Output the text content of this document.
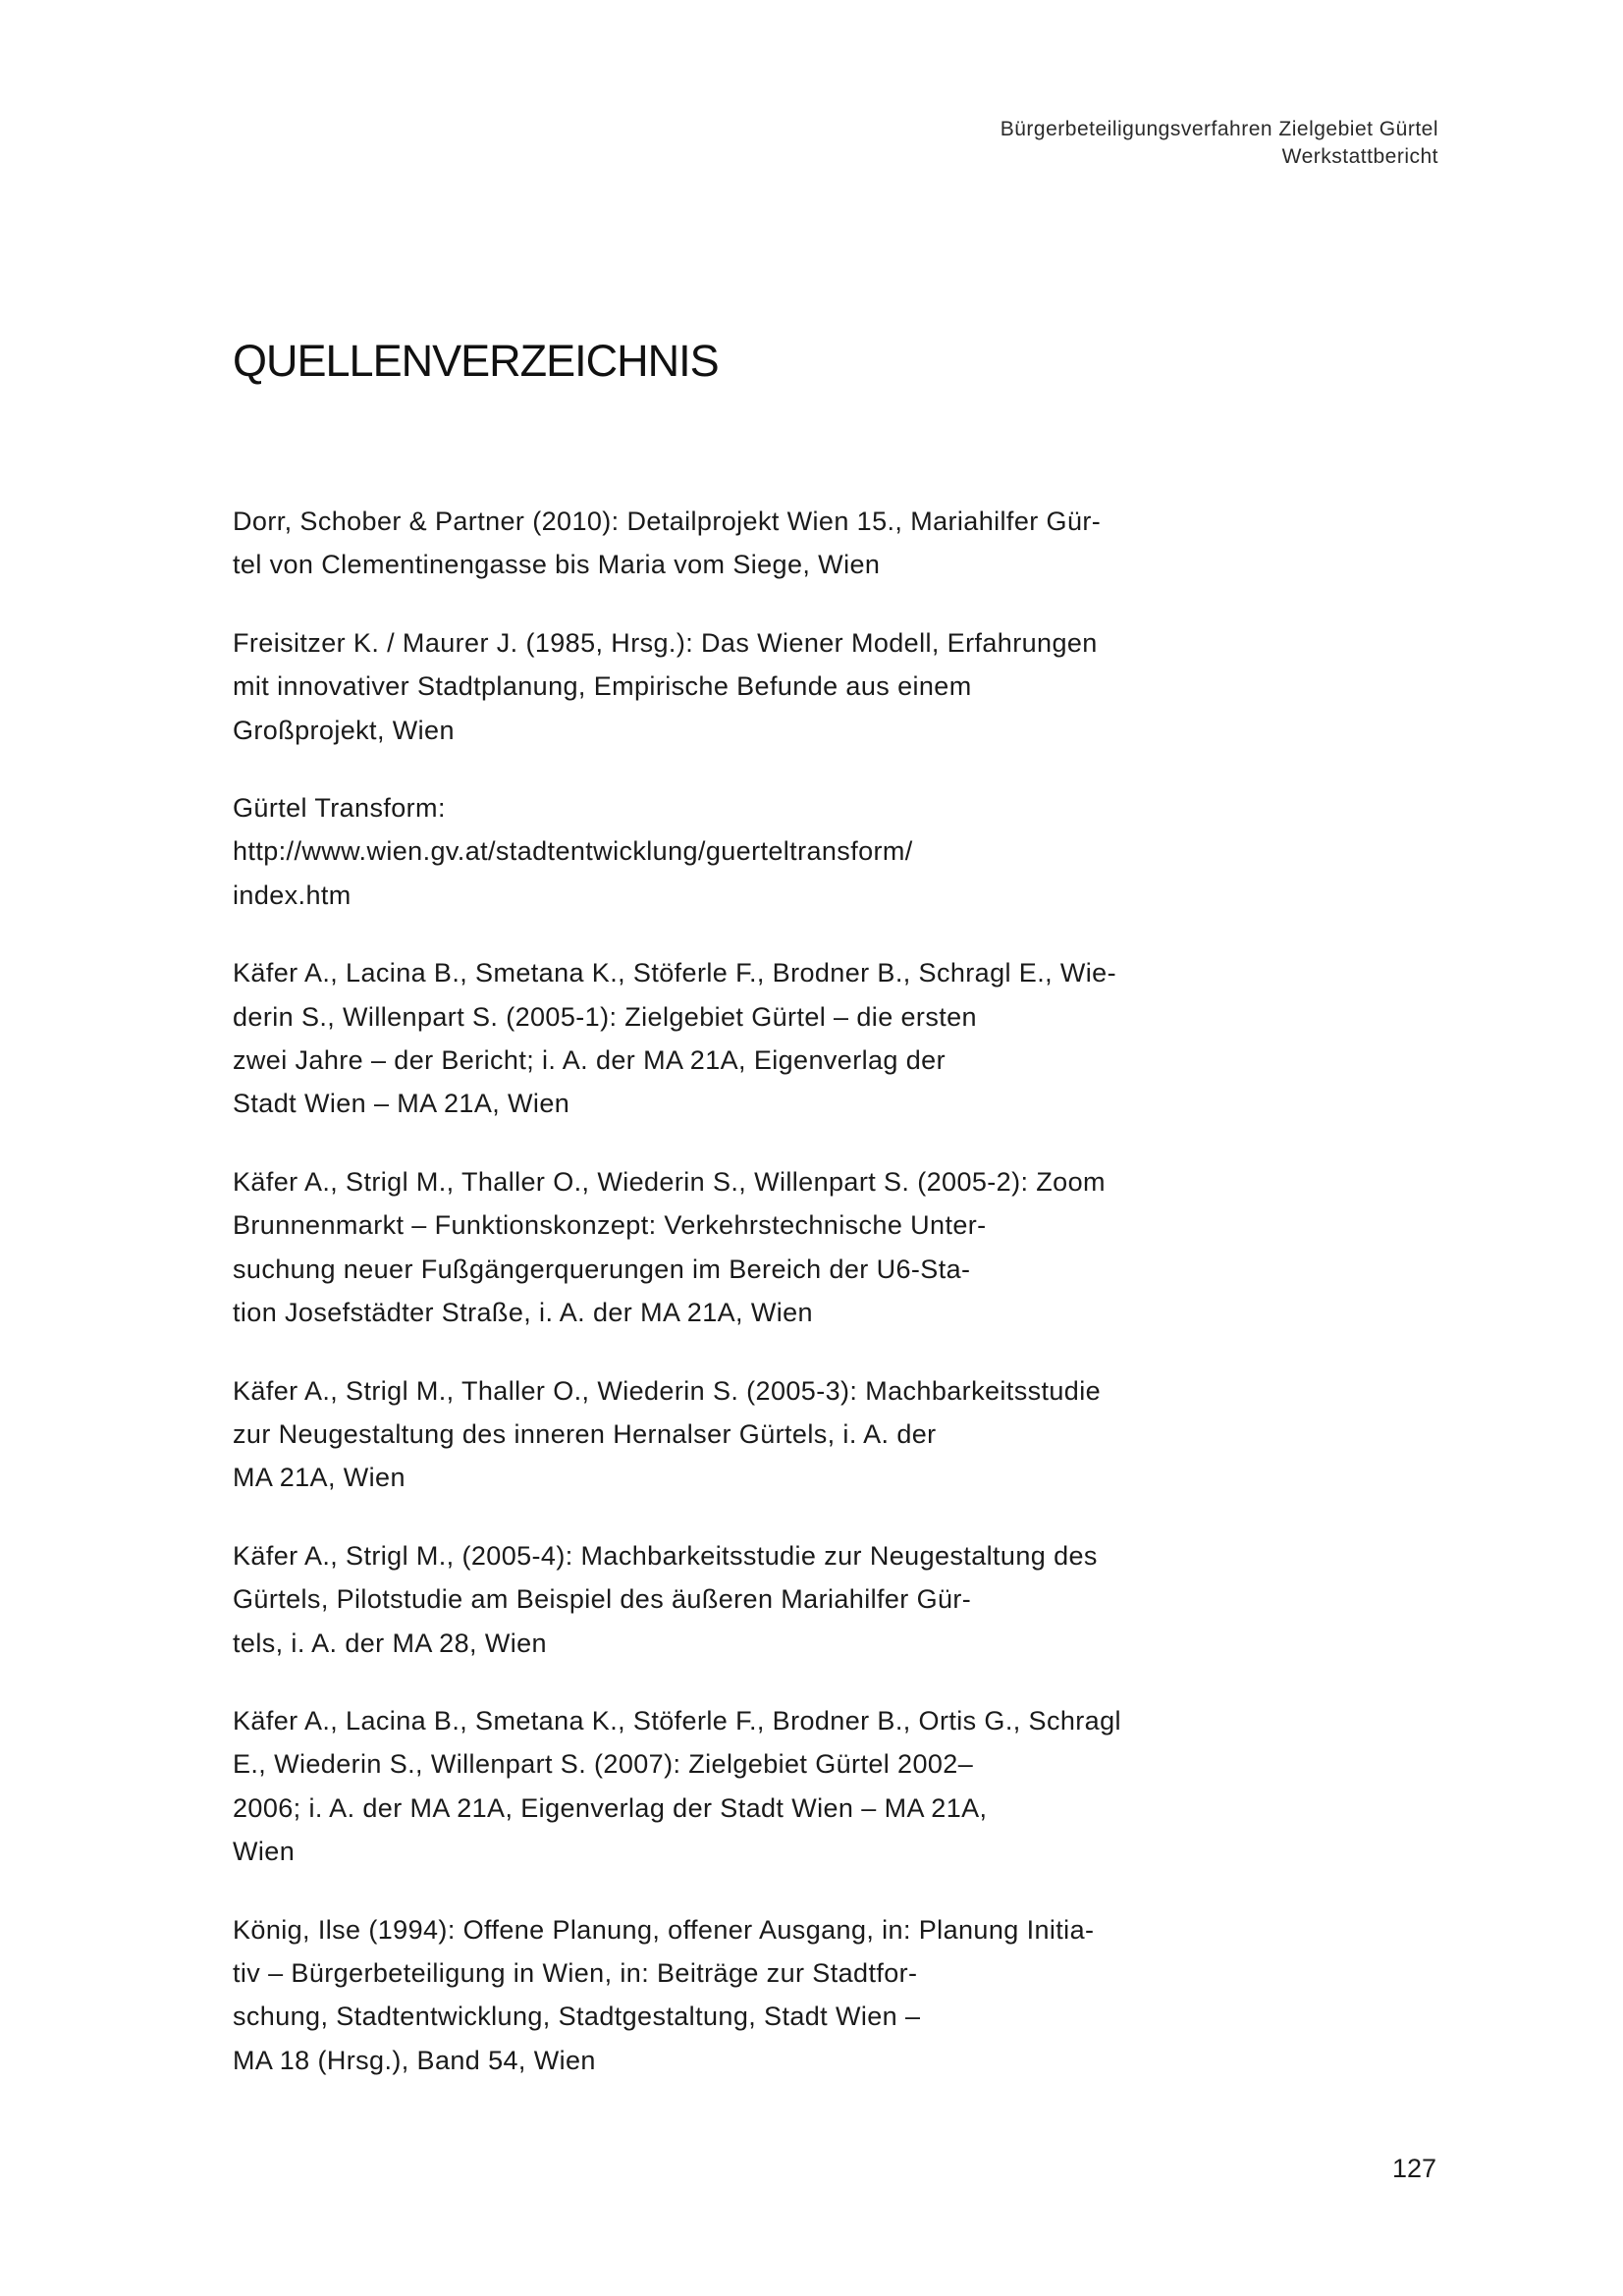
Bürgerbeteiligungsverfahren Zielgebiet Gürtel
Werkstattbericht
QUELLENVERZEICHNIS
Dorr, Schober & Partner (2010): Detailprojekt Wien 15., Mariahilfer Gür-
tel von Clementinengasse bis Maria vom Siege, Wien
Freisitzer K. / Maurer J. (1985, Hrsg.): Das Wiener Modell, Erfahrungen
mit innovativer Stadtplanung, Empirische Befunde aus einem
Großprojekt, Wien
Gürtel Transform:
http://www.wien.gv.at/stadtentwicklung/guerteltransform/
index.htm
Käfer A., Lacina B., Smetana K., Stöferle F., Brodner B., Schragl E., Wie-
derin S., Willenpart S. (2005-1): Zielgebiet Gürtel – die ersten
zwei Jahre – der Bericht; i. A. der MA 21A, Eigenverlag der
Stadt Wien – MA 21A, Wien
Käfer A., Strigl M., Thaller O., Wiederin S., Willenpart S. (2005-2): Zoom
Brunnenmarkt – Funktionskonzept: Verkehrstechnische Unter-
suchung neuer Fußgängerquerungen im Bereich der U6-Sta-
tion Josefstädter Straße, i. A. der MA 21A, Wien
Käfer A., Strigl M., Thaller O., Wiederin S. (2005-3): Machbarkeitsstudie
zur Neugestaltung des inneren Hernalser Gürtels, i. A. der
MA 21A, Wien
Käfer A., Strigl M., (2005-4): Machbarkeitsstudie zur Neugestaltung des
Gürtels, Pilotstudie am Beispiel des äußeren Mariahilfer Gür-
tels, i. A. der MA 28, Wien
Käfer A., Lacina B., Smetana K., Stöferle F., Brodner B., Ortis G., Schragl
E., Wiederin S., Willenpart S. (2007): Zielgebiet Gürtel 2002–
2006; i. A. der MA 21A, Eigenverlag der Stadt Wien – MA 21A,
Wien
König, Ilse (1994): Offene Planung, offener Ausgang, in: Planung Initia-
tiv – Bürgerbeteiligung in Wien, in: Beiträge zur Stadtfor-
schung, Stadtentwicklung, Stadtgestaltung, Stadt Wien –
MA 18 (Hrsg.), Band 54, Wien
127
